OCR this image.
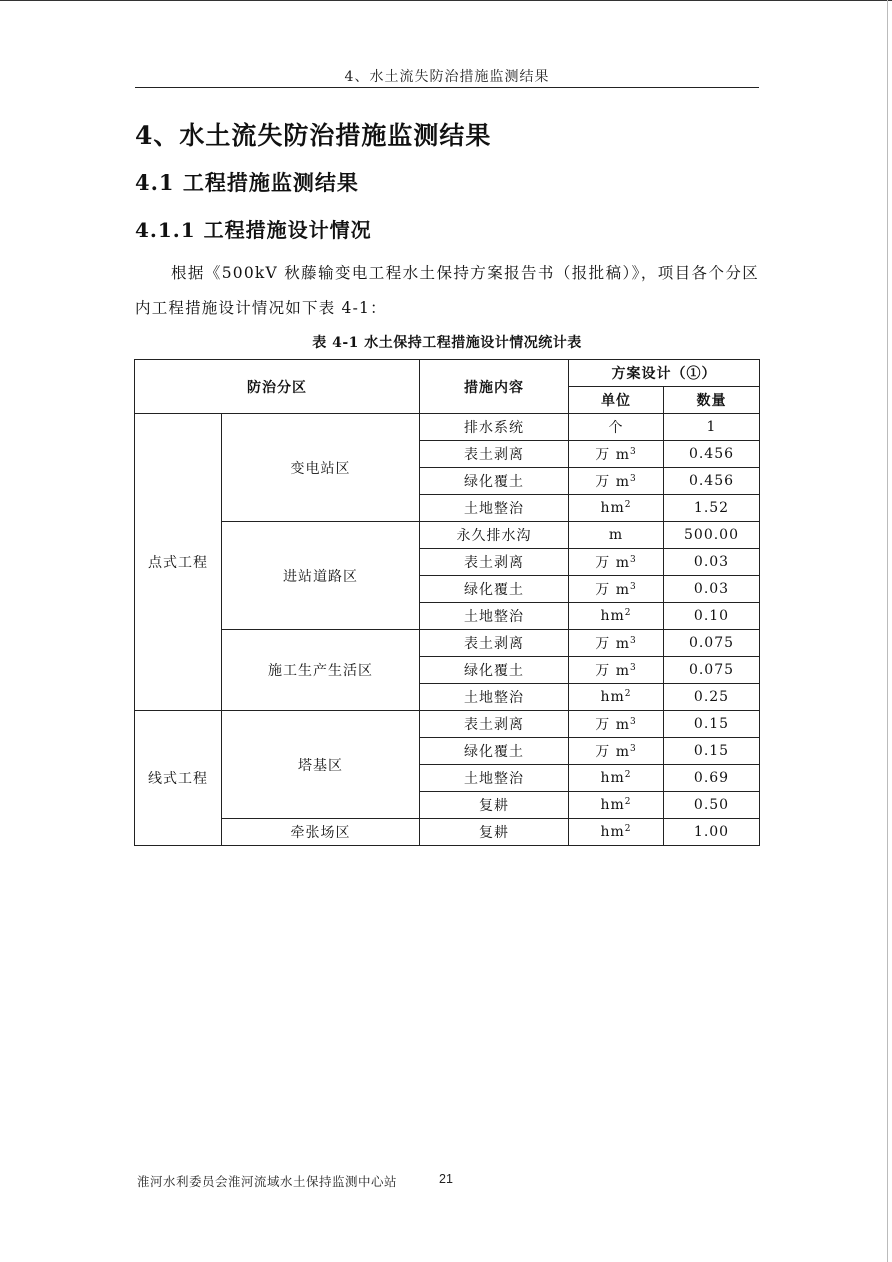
4、水土流失防治措施监测结果
4、水土流失防治措施监测结果
4.1 工程措施监测结果
4.1.1 工程措施设计情况
根据《500kV 秋藤输变电工程水土保持方案报告书（报批稿）》，项目各个分区内工程措施设计情况如下表 4-1：
表 4-1 水土保持工程措施设计情况统计表
防治分区		措施内容	方案设计（①）	
			单位	数量
点式工程	变电站区	排水系统	个	1
		表土剥离	万 $m^3$	0.456
		绿化覆土	万 $m^3$	0.456
		土地整治	$hm^2$	1.52
	进站道路区	永久排水沟	m	500.00
		表土剥离	万 $m^3$	0.03
		绿化覆土	万 $m^3$	0.03
		土地整治	$hm^2$	0.10
	施工生产生活区	表土剥离	万 $m^3$	0.075
		绿化覆土	万 $m^3$	0.075
		土地整治	$hm^2$	0.25
线式工程	塔基区	表土剥离	万 $m^3$	0.15
		绿化覆土	万 $m^3$	0.15
		土地整治	$hm^2$	0.69
		复耕	$hm^2$	0.50
	牵张场区	复耕	$hm^2$	1.00
淮河水利委员会淮河流域水土保持监测中心站	21
